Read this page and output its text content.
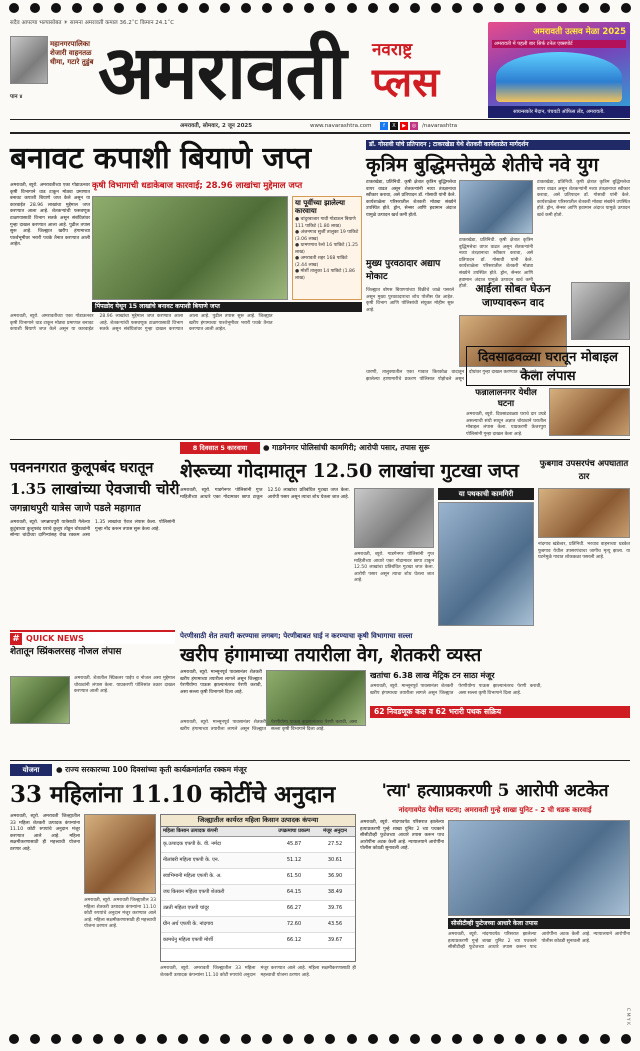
सदैव आपल्या भल्यासोबत ☀ सामना अमरावती कमाल 36.2˚C किमान 24.1˚C
महानगरपालिका शेजारी वाहनतळ धीमा, गटारे तुडुंब
पान ४ अमरावती	नवराष्ट्र
प्लस
अमरावती उत्सव मेळा 2025
अमरावती में पहली बार सिर्फ टनेल एक्सपोर्ट
सायन्सकोर मैदान, पंचवटी ऑफिस लँड, अमरावती.
अमरावती, सोमवार, 2 जून 2025	www.navarashtra.com	f	X	▶	◎	/navarashtra
बनावट कपाशी बियाणे जप्त
कृषी विभागाची धडाकेबाज कारवाई; 28.96 लाखांचा मुद्देमाल जप्त
अमरावती, ब्यूरो. अमरावतीच्या एका गोडाऊनवर कृषी विभागाने धाड टाकून मोठ्या प्रमाणात बनावट कपाशी बियाणे जप्त केले असून या कारवाईत 28.96 लाखांचा मुद्देमाल जप्त करण्यात आला आहे. शेतकऱ्यांची फसवणूक टाळण्यासाठी विभाग सतर्क असून संबंधितांवर गुन्हा दाखल करण्यात आला आहे. पुढील तपास सुरू आहे. जिल्ह्यात खरीप हंगामाच्या पार्श्वभूमीवर भरारी पथके तैनात करण्यात आली आहेत.
या पूर्वीच्या झालेल्या कारवाया
● चांदुरबाजार गावी गोडाऊन बियाणे 111 पाकिटे (1.80 लाख)
● अंजनगाव सुर्जी तालुका 19 पाकिटे (3.06 लाख)
● धामणगाव रेल्वे 16 पाकिटे (1.25 लाख)
● अमरावती शहर 168 पाकिटे (2.44 लाख)
● मोर्शी तालुका 14 पाकिटे (1.86 लाख)
पिंपळोद येथून 15 लाखांचे बनावट कपाशी बियाणे जप्त
अमरावती, ब्यूरो. अमरावतीच्या एका गोडाऊनवर कृषी विभागाने धाड टाकून मोठ्या प्रमाणात बनावट कपाशी बियाणे जप्त केले असून या कारवाईत 28.96 लाखांचा मुद्देमाल जप्त करण्यात आला आहे. शेतकऱ्यांची फसवणूक टाळण्यासाठी विभाग सतर्क असून संबंधितांवर गुन्हा दाखल करण्यात आला आहे. पुढील तपास सुरू आहे. जिल्ह्यात खरीप हंगामाच्या पार्श्वभूमीवर भरारी पथके तैनात करण्यात आली आहेत.
डॉ. गोसावी यांचे प्रतिपादन ; टाकरखेडा येथे शेतकरी कार्यशाळेत मार्गदर्शन
कृत्रिम बुद्धिमत्तेमुळे शेतीचे नवे युग
टाकरखेडा, प्रतिनिधी. कृषी क्षेत्रात कृत्रिम बुद्धिमत्तेचा वापर वाढत असून शेतकऱ्यांनी नव्या तंत्रज्ञानाचा स्वीकार करावा, असे प्रतिपादन डॉ. गोसावी यांनी केले. कार्यशाळेला परिसरातील शेतकरी मोठ्या संख्येने उपस्थित होते. ड्रोन, सेन्सर आणि हवामान अंदाज यामुळे उत्पादन खर्च कमी होतो.
टाकरखेडा, प्रतिनिधी. कृषी क्षेत्रात कृत्रिम बुद्धिमत्तेचा वापर वाढत असून शेतकऱ्यांनी नव्या तंत्रज्ञानाचा स्वीकार करावा, असे प्रतिपादन डॉ. गोसावी यांनी केले. कार्यशाळेला परिसरातील शेतकरी मोठ्या संख्येने उपस्थित होते. ड्रोन, सेन्सर आणि हवामान अंदाज यामुळे उत्पादन खर्च कमी होतो.
टाकरखेडा, प्रतिनिधी. कृषी क्षेत्रात कृत्रिम बुद्धिमत्तेचा वापर वाढत असून शेतकऱ्यांनी नव्या तंत्रज्ञानाचा स्वीकार करावा, असे प्रतिपादन डॉ. गोसावी यांनी केले. कार्यशाळेला परिसरातील शेतकरी मोठ्या संख्येने उपस्थित होते. ड्रोन, सेन्सर आणि हवामान अंदाज यामुळे उत्पादन खर्च कमी होतो.
मुख्य पुरवठादार अद्याप मोकाट
जिल्ह्यात बोगस बियाण्यांच्या विक्रीचे जाळे पसरले असून मुख्य पुरवठादाराचा शोध पोलीस घेत आहेत. कृषी विभाग आणि पोलिसांची संयुक्त मोहीम सुरू आहे.
आईला सोबत घेऊन जाण्यावरून वाद
धारणी, तालुक्यातील एका गावात किरकोळ वादातून झालेल्या हाणामारीचे प्रकरण पोलिसात पोहोचले असून दोघांवर गुन्हा दाखल करण्यात आला आहे.
दिवसाढवळ्या घरातून मोबाइल केला लंपास
फन्नालालनगर येथील घटना
अमरावती, ब्यूरो. दिवसाढवळ्या घराचे दार उघडे असल्याची संधी साधून अज्ञात चोरट्याने घरातील मोबाइल लंपास केला. याप्रकरणी फ्रेजरपुरा पोलिसांनी गुन्हा दाखल केला आहे.
8 दिवसात 5 कारवाया	● गाडगेनगर पोलिसांची कामगिरी; आरोपी पसार, तपास सुरू
पवननगरात कुलूपबंद घरातून
1.35 लाखांच्या ऐवजाची चोरी
जगन्नाथपुरी यात्रेस जाणे पडले महागात
अमरावती, ब्यूरो. जगन्नाथपुरी यात्रेसाठी गेलेल्या कुटुंबाच्या कुलूपबंद घराचे कुलूप तोडून चोरट्यांनी सोन्या चांदीच्या दागिन्यांसह रोख रक्कम असा 1.35 लाखांचा ऐवज लंपास केला. पोलिसांनी गुन्हा नोंद करून तपास सुरू केला आहे.
शेरूच्या गोदामातून 12.50 लाखांचा गुटखा जप्त
अमरावती, ब्यूरो. गाडगेनगर पोलिसांनी गुप्त माहितीच्या आधारे एका गोदामावर छापा टाकून 12.50 लाखांचा प्रतिबंधित गुटखा जप्त केला. आरोपी पसार असून त्याचा शोध घेतला जात आहे.
अमरावती, ब्यूरो. गाडगेनगर पोलिसांनी गुप्त माहितीच्या आधारे एका गोदामावर छापा टाकून 12.50 लाखांचा प्रतिबंधित गुटखा जप्त केला. आरोपी पसार असून त्याचा शोध घेतला जात आहे.
या पथकाची कामगिरी
फुबगाव उपसरपंच अपघातात ठार
नांदगाव खंडेश्वर, प्रतिनिधी. भरधाव वाहनाच्या धडकेत फुबगाव येथील उपसरपंचाचा जागीच मृत्यू झाला. या घटनेमुळे गावात शोककळा पसरली आहे.
# QUICK NEWS
शेतातून स्प्रिंकलरसह नोजल लंपास
अमरावती. शेतातील स्प्रिंकलर पाईप व नोजल असा मुद्देमाल चोरट्यांनी लंपास केला. याप्रकरणी पोलिसांत तक्रार दाखल करण्यात आली आहे.
पेरणीसाठी शेत तयारी करण्यास लगबग; पेरणीबाबत घाई न करण्याचा कृषी विभागाचा सल्ला
खरीप हंगामाच्या तयारीला वेग, शेतकरी व्यस्त
अमरावती, ब्यूरो. मान्सूनपूर्व पावसानंतर शेतकरी खरीप हंगामाच्या तयारीला लागले असून जिल्ह्यात पेरणीयोग्य पाऊस झाल्यानंतरच पेरणी करावी, असा सल्ला कृषी विभागाने दिला आहे.
खतांचा 6.38 लाख मेट्रिक टन साठा मंजूर
अमरावती, ब्यूरो. मान्सूनपूर्व पावसानंतर शेतकरी खरीप हंगामाच्या तयारीला लागले असून जिल्ह्यात पेरणीयोग्य पाऊस झाल्यानंतरच पेरणी करावी, असा सल्ला कृषी विभागाने दिला आहे.
62 निवडणूक कक्ष व 62 भरारी पथक सक्रिय
अमरावती, ब्यूरो. मान्सूनपूर्व पावसानंतर शेतकरी खरीप हंगामाच्या तयारीला लागले असून जिल्ह्यात पेरणीयोग्य पाऊस झाल्यानंतरच पेरणी करावी, असा सल्ला कृषी विभागाने दिला आहे.
योजना	● राज्य सरकारच्या 100 दिवसांच्या कृती कार्यक्रमांतर्गत रक्कम मंजूर
33 महिलांना 11.10 कोटींचे अनुदान
अमरावती, ब्यूरो. अमरावती जिल्ह्यातील 33 महिला शेतकरी उत्पादक कंपन्यांना 11.10 कोटी रुपयांचे अनुदान मंजूर करण्यात आले आहे. महिला सक्षमीकरणासाठी ही महत्त्वाची योजना ठरणार आहे.
अमरावती, ब्यूरो. अमरावती जिल्ह्यातील 33 महिला शेतकरी उत्पादक कंपन्यांना 11.10 कोटी रुपयांचे अनुदान मंजूर करण्यात आले आहे. महिला सक्षमीकरणासाठी ही महत्त्वाची योजना ठरणार आहे.
जिल्ह्यातील कार्यरत महिला किसान उत्पादक कंपन्या
महिला किसान उत्पादक कंपनी	उपक्रमाचा प्रकल्प	मंजूर अनुदान
कृ.उत्पादक एफपी के. वी. नर्मदा	45.87	27.52
नीलांबरी महिला एफपी के. एन.	51.12	30.61
स्वाभिमानी महिला एफपी के. अ.	61.50	36.90
जय किसान महिला एफपी शेतकरी	64.15	38.49
उन्नती महिला एफपी चांदूर	66.27	39.76
ग्रीन अर्थ एफपी के. नांदगाव	72.60	43.56
कामधेनु महिला एफपी मोर्शी	66.12	39.67
अमरावती, ब्यूरो. अमरावती जिल्ह्यातील 33 महिला शेतकरी उत्पादक कंपन्यांना 11.10 कोटी रुपयांचे अनुदान मंजूर करण्यात आले आहे. महिला सक्षमीकरणासाठी ही महत्त्वाची योजना ठरणार आहे.
'त्या' हत्याप्रकरणी 5 आरोपी अटकेत
नांदगावपेठ येथील घटना; अमरावती गुन्हे शाखा युनिट - 2 ची धडक कारवाई
अमरावती, ब्यूरो. नांदगावपेठ परिसरात झालेल्या हत्याप्रकरणी गुन्हे शाखा युनिट 2 च्या पथकाने सीसीटीव्ही फुटेजच्या आधारे तपास करून पाच आरोपींना अटक केली आहे. न्यायालयाने आरोपींना पोलीस कोठडी सुनावली आहे.
सीसीटीव्ही फुटेजच्या आधारे केला तपास
अमरावती, ब्यूरो. नांदगावपेठ परिसरात झालेल्या हत्याप्रकरणी गुन्हे शाखा युनिट 2 च्या पथकाने सीसीटीव्ही फुटेजच्या आधारे तपास करून पाच आरोपींना अटक केली आहे. न्यायालयाने आरोपींना पोलीस कोठडी सुनावली आहे.
C M Y K
